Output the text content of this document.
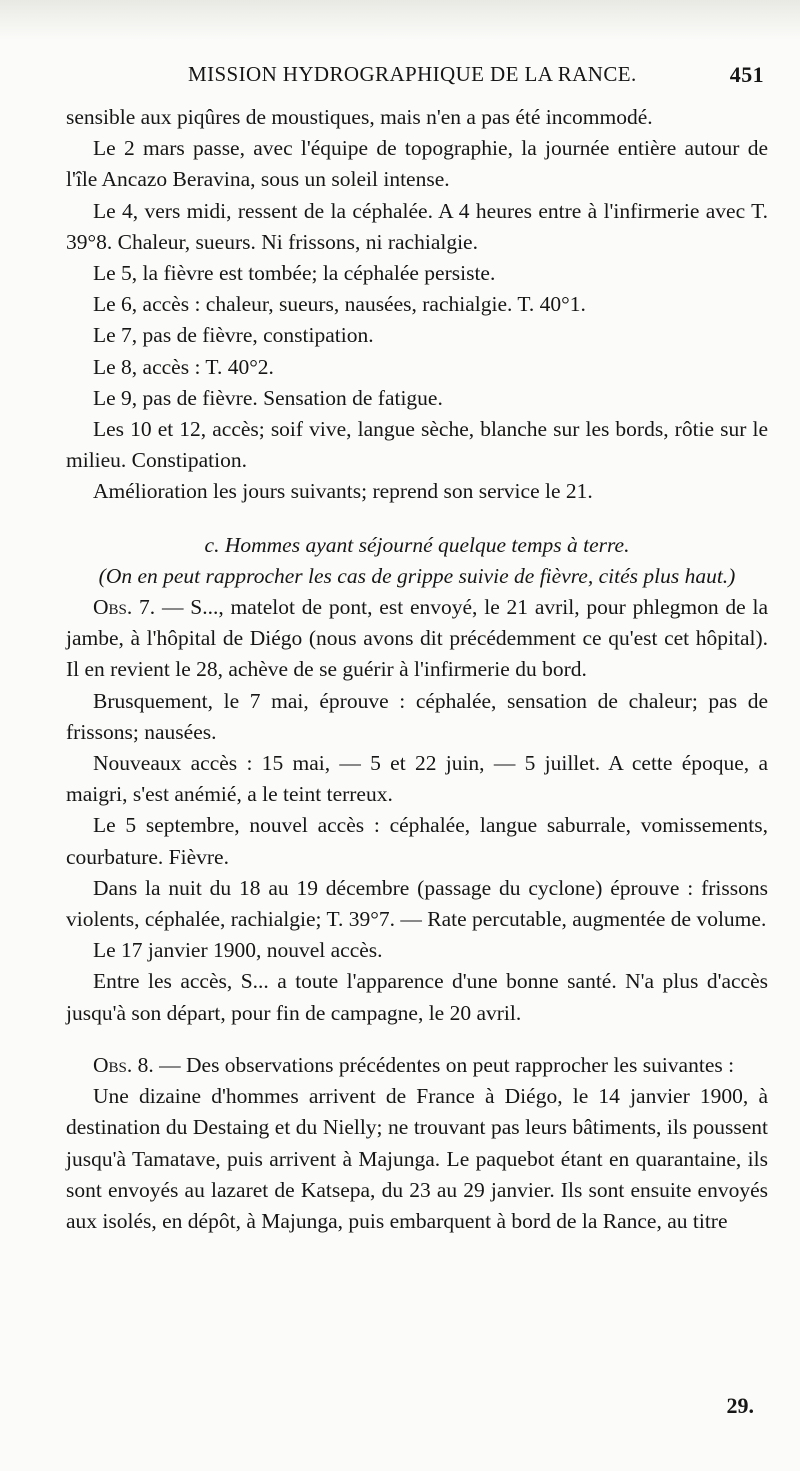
MISSION HYDROGRAPHIQUE DE LA RANCE.	451

sensible aux piqûres de moustiques, mais n'en a pas été incommodé.

Le 2 mars passe, avec l'équipe de topographie, la journée entière autour de l'île Ancazo Beravina, sous un soleil intense.

Le 4, vers midi, ressent de la céphalée. A 4 heures entre à l'infirmerie avec T. 39°8. Chaleur, sueurs. Ni frissons, ni rachialgie.

Le 5, la fièvre est tombée; la céphalée persiste.

Le 6, accès : chaleur, sueurs, nausées, rachialgie. T. 40°1.

Le 7, pas de fièvre, constipation.

Le 8, accès : T. 40°2.

Le 9, pas de fièvre. Sensation de fatigue.

Les 10 et 12, accès; soif vive, langue sèche, blanche sur les bords, rôtie sur le milieu. Constipation.

Amélioration les jours suivants; reprend son service le 21.

c. Hommes ayant séjourné quelque temps à terre.

(On en peut rapprocher les cas de grippe suivie de fièvre, cités plus haut.)

Obs. 7. — S..., matelot de pont, est envoyé, le 21 avril, pour phlegmon de la jambe, à l'hôpital de Diégo (nous avons dit précédemment ce qu'est cet hôpital). Il en revient le 28, achève de se guérir à l'infirmerie du bord.

Brusquement, le 7 mai, éprouve : céphalée, sensation de chaleur; pas de frissons; nausées.

Nouveaux accès : 15 mai, — 5 et 22 juin, — 5 juillet. A cette époque, a maigri, s'est anémié, a le teint terreux.

Le 5 septembre, nouvel accès : céphalée, langue saburrale, vomissements, courbature. Fièvre.

Dans la nuit du 18 au 19 décembre (passage du cyclone) éprouve : frissons violents, céphalée, rachialgie; T. 39°7. — Rate percutable, augmentée de volume.

Le 17 janvier 1900, nouvel accès.

Entre les accès, S... a toute l'apparence d'une bonne santé. N'a plus d'accès jusqu'à son départ, pour fin de campagne, le 20 avril.

Obs. 8. — Des observations précédentes on peut rapprocher les suivantes :

Une dizaine d'hommes arrivent de France à Diégo, le 14 janvier 1900, à destination du Destaing et du Nielly; ne trouvant pas leurs bâtiments, ils poussent jusqu'à Tamatave, puis arrivent à Majunga. Le paquebot étant en quarantaine, ils sont envoyés au lazaret de Katsepa, du 23 au 29 janvier. Ils sont ensuite envoyés aux isolés, en dépôt, à Majunga, puis embarquent à bord de la Rance, au titre

29.
